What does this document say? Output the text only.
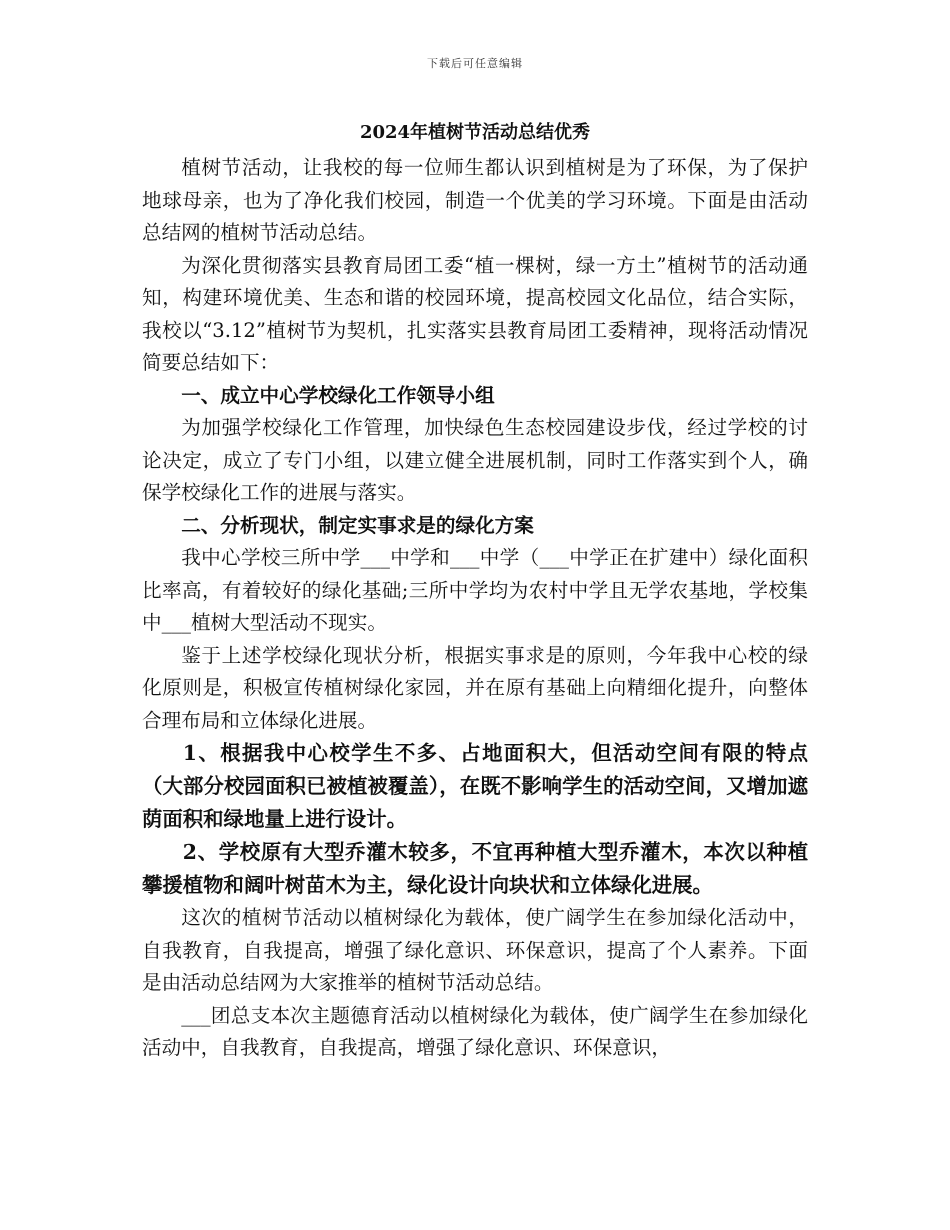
下载后可任意编辑
2024年植树节活动总结优秀

植树节活动，让我校的每一位师生都认识到植树是为了环保，为了保护地球母亲，也为了净化我们校园，制造一个优美的学习环境。下面是由活动总结网的植树节活动总结。

为深化贯彻落实县教育局团工委“植一棵树，绿一方土”植树节的活动通知，构建环境优美、生态和谐的校园环境，提高校园文化品位，结合实际，我校以“3.12”植树节为契机，扎实落实县教育局团工委精神，现将活动情况简要总结如下：

一、成立中心学校绿化工作领导小组

为加强学校绿化工作管理，加快绿色生态校园建设步伐，经过学校的讨论决定，成立了专门小组，以建立健全进展机制，同时工作落实到个人，确保学校绿化工作的进展与落实。

二、分析现状，制定实事求是的绿化方案

我中心学校三所中学___中学和___中学（___中学正在扩建中）绿化面积比率高，有着较好的绿化基础;三所中学均为农村中学且无学农基地，学校集中___植树大型活动不现实。

鉴于上述学校绿化现状分析，根据实事求是的原则，今年我中心校的绿化原则是，积极宣传植树绿化家园，并在原有基础上向精细化提升，向整体合理布局和立体绿化进展。

1、根据我中心校学生不多、占地面积大，但活动空间有限的特点（大部分校园面积已被植被覆盖），在既不影响学生的活动空间，又增加遮荫面积和绿地量上进行设计。

2、学校原有大型乔灌木较多，不宜再种植大型乔灌木，本次以种植攀援植物和阔叶树苗木为主，绿化设计向块状和立体绿化进展。

这次的植树节活动以植树绿化为载体，使广阔学生在参加绿化活动中，自我教育，自我提高，增强了绿化意识、环保意识，提高了个人素养。下面是由活动总结网为大家推举的植树节活动总结。

___团总支本次主题德育活动以植树绿化为载体，使广阔学生在参加绿化活动中，自我教育，自我提高，增强了绿化意识、环保意识，
